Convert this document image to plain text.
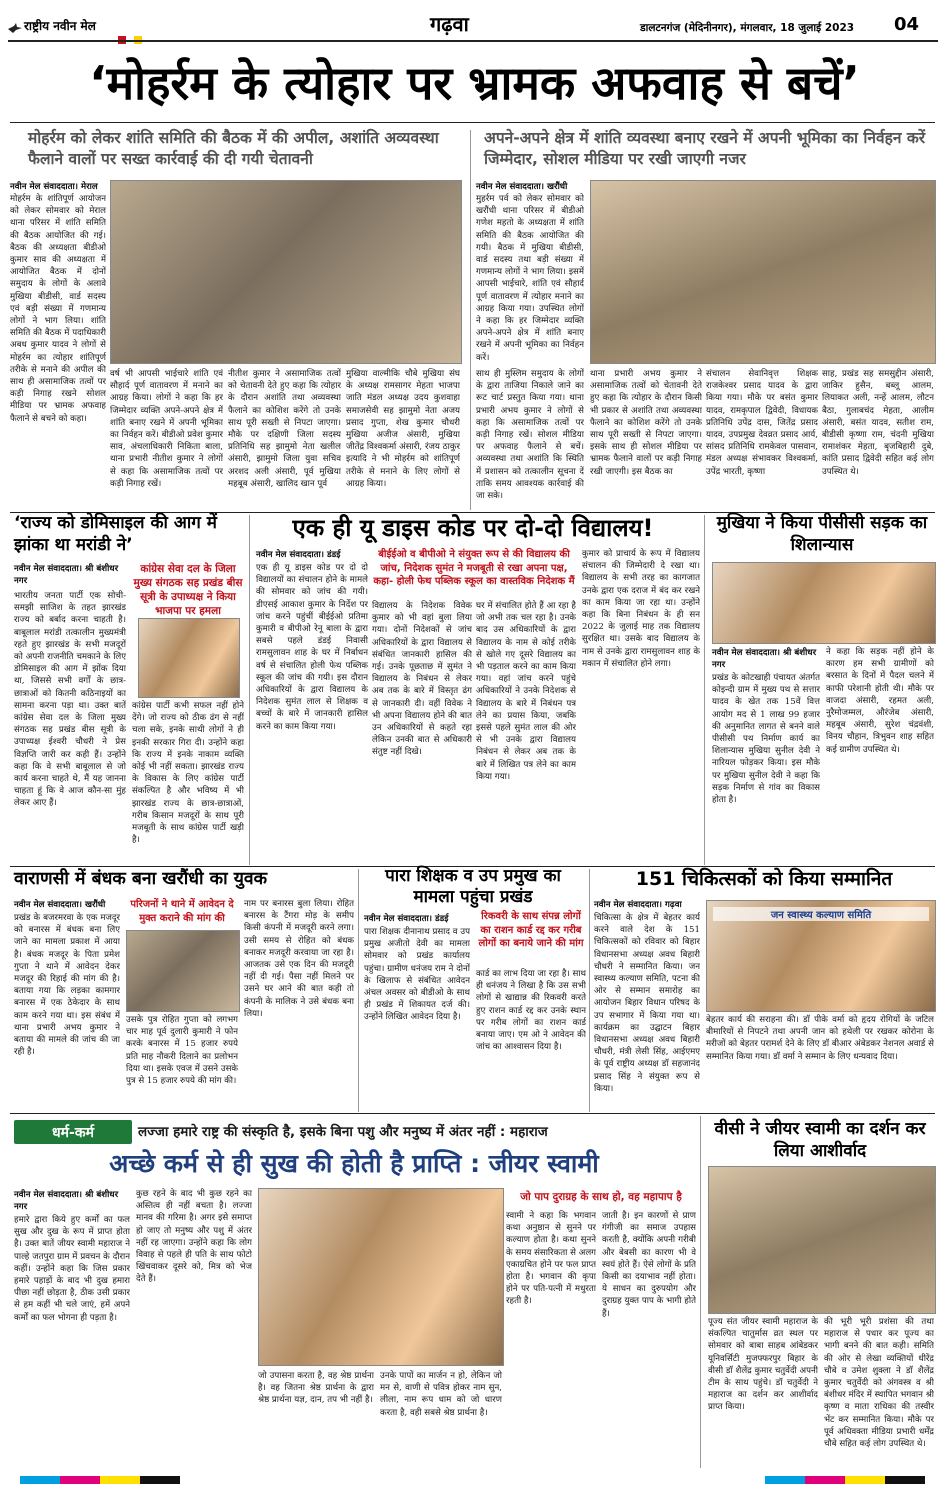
राष्ट्रीय नवीन मेल	गढ़वा	डालटनगंज (मेदिनीनगर), मंगलवार, 18 जुलाई 2023 04
‘मोहर्रम के त्योहार पर भ्रामक अफवाह से बचें’
मोहर्रम को लेकर शांति समिति की बैठक में की अपील, अशांति अव्यवस्था फैलाने वालों पर सख्त कार्रवाई की दी गयी चेतावनी
अपने-अपने क्षेत्र में शांति व्यवस्था बनाए रखने में अपनी भूमिका का निर्वहन करें जिम्मेदार, सोशल मीडिया पर रखी जाएगी नजर
नवीन मेल संवाददाता। मेराल
मोहर्रम के शांतिपूर्ण आयोजन को लेकर सोमवार को मेराल थाना परिसर में शांति समिति की बैठक आयोजित की गई। बैठक की अध्यक्षता बीडीओ कुमार साव की अध्यक्षता में आयोजित बैठक में दोनों समुदाय के लोगों के अलावे मुखिया बीडीसी, वार्ड सदस्य एवं बड़ी संख्या में गणमान्य लोगों ने भाग लिया। शांति समिति की बैठक में पदाधिकारी अबध कुमार यादव ने लोगों से मोहर्रम का त्योहार शांतिपूर्ण तरीके से मनाने की अपील की साथ ही असामाजिक तत्वों पर कड़ी निगाह रखने सोशल मीडिया पर भ्रामक अफवाह फैलाने से बचने को कहा।
वर्ष भी आपसी भाईचारे शांति एवं सौहार्द पूर्ण वातावरण में मनाने का आग्रह किया। लोगों ने कहा कि हर जिम्मेदार व्यक्ति अपने-अपने क्षेत्र में शांति बनाए रखने में अपनी भूमिका का निर्वहन करें। बीडीओ प्रवेश कुमार साव, अंचलाधिकारी निकिता बाला, थाना प्रभारी नीतीश कुमार ने लोगों से कहा कि असामाजिक तत्वों पर कड़ी निगाह रखें।
नीतीश कुमार ने असामाजिक तत्वों को चेतावनी देते हुए कहा कि त्योहार के दौरान अशांति तथा अव्यवस्था फैलाने का कोशिश करेंगे तो उनके साथ पूरी सख्ती से निपटा जाएगा। मौके पर दक्षिणी जिला सदस्य प्रतिनिधि सह झामुमो नेता खलील अंसारी, झामुमो जिला युवा सचिव अरशद अली अंसारी, पूर्व मुखिया महबूब अंसारी, खालिद खान पूर्व
मुखिया वाल्मीकि चौबे मुखिया संघ के अध्यक्ष रामसागर मेहता भाजपा जाति मंडल अध्यक्ष उदय कुशवाहा समाजसेवी सह झामुमो नेता अजय प्रसाद गुप्ता, शेख कुमार चौधरी मुखिया अजीज अंसारी, मुखिया जीतेंद्र विश्वकर्मा अंसारी, रंजय ठाकुर इत्यादि ने भी मोहर्रम को शांतिपूर्ण तरीके से मनाने के लिए लोगों से आग्रह किया।
नवीन मेल संवाददाता। खरौंधी
मुहर्रम पर्व को लेकर सोमवार को खरौंधी थाना परिसर में बीडीओ गणेश महतो के अध्यक्षता में शांति समिति की बैठक आयोजित की गयी। बैठक में मुखिया बीडीसी, वार्ड सदस्य तथा बड़ी संख्या में गणमान्य लोगों ने भाग लिया। इसमें आपसी भाईचारे, शांति एवं सौहार्द पूर्ण वातावरण में त्योहार मनाने का आग्रह किया गया। उपस्थित लोगों ने कहा कि हर जिम्मेदार व्यक्ति अपने-अपने क्षेत्र में शांति बनाए रखने में अपनी भूमिका का निर्वहन करें।
साथ ही मुस्लिम समुदाय के लोगों के द्वारा ताजिया निकाले जाने का रूट चार्ट प्रस्तुत किया गया। थाना प्रभारी अभय कुमार ने लोगों से कहा कि असामाजिक तत्वों पर कड़ी निगाह रखें। सोशल मीडिया पर अफवाह फैलाने से बचें। अव्यवस्था तथा अशांति कि स्थिति में प्रशासन को तत्कालीन सूचना दें ताकि समय आवश्यक कार्रवाई की जा सके।
थाना प्रभारी अभय कुमार ने असामाजिक तत्वों को चेतावनी देते हुए कहा कि त्योहार के दौरान किसी भी प्रकार से अशांति तथा अव्यवस्था फैलाने का कोशिश करेंगे तो उनके साथ पूरी सख्ती से निपटा जाएगा। इसके साथ ही सोशल मीडिया पर भ्रामक फैलाने वालों पर कड़ी निगाह रखी जाएगी। इस बैठक का
संचालन सेवानिवृत्त शिक्षक राजकेश्वर प्रसाद यादव के द्वारा किया गया। मौके पर बसंत कुमार यादव, रामकृपाल द्विवेदी, विधायक प्रतिनिधि उपेंद्र दास, जितेंद्र प्रसाद यादव, उपप्रमुख देवव्रत प्रसाद आर्य, सांसद प्रतिनिधि रामकेवल पासवान, मंडल अध्यक्ष संभावकर विश्वकर्मा, उपेंद्र भारती, कृष्णा
साह, प्रखंड सह समसुद्दीन अंसारी, जाकिर हुसैन, बब्लू आलम, लियाकत अली, नन्हें आलम, लौटन बैठा, गुलाबचंद मेहता, आलीम अंसारी, बसंत यादव, सतीश राम, बीडीसी कृष्णा राम, चंदनी मुखिया रामाशंकर मेहता, बृजबिहारी दुबे, कांति प्रसाद द्विवेदी सहित कई लोग उपस्थित थे।
‘राज्य को डोमिसाइल की आग में झांका था मरांडी ने’
नवीन मेल संवाददाता। श्री बंशीधर नगर
कांग्रेस सेवा दल के जिला मुख्य संगठक सह प्रखंड बीस सूत्री के उपाध्यक्ष ने किया भाजपा पर हमला
भारतीय जनता पार्टी एक सोची-समझी साजिश के तहत झारखंड राज्य को बर्बाद करना चाहती है। बाबूलाल मरांडी तत्कालीन मुख्यमंत्री रहते हुए झारखंड के सभी मजदूरों को अपनी राजनीति चमकाने के लिए डोमिसाइल की आग में झोंक दिया था, जिससे सभी वर्गों के छात्र-छात्राओं को कितनी कठिनाइयों का सामना करना पड़ा था। उक्त बातें कांग्रेस सेवा दल के जिला मुख्य संगठक सह प्रखंड बीस सूत्री के उपाध्यक्ष ईश्वरी चौधरी ने प्रेस विज्ञप्ति जारी कर कही हैं। उन्होंने कहा कि वे सभी बाबूलाल से जो कार्य करना चाहते थे, मैं यह जानना चाहता हूं कि वे आज कौन-सा मुंह लेकर आए हैं।
कांग्रेस पार्टी कभी सफल नहीं होने देंगे। जो राज्य को ठीक ढंग से नहीं चला सके, इनके साथी लोगों ने ही इनकी सरकार गिरा दी। उन्होंने कहा कि राज्य में इनके नाकाम व्यक्ति कोई भी नहीं सकता। झारखंड राज्य के विकास के लिए कांग्रेस पार्टी संकल्पित है और भविष्य में भी झारखंड राज्य के छात्र-छात्राओं, गरीब किसान मजदूरों के साथ पूरी मजबूती के साथ कांग्रेस पार्टी खड़ी है।
एक ही यू डाइस कोड पर दो-दो विद्यालय!
नवीन मेल संवाददाता। डंडई	बीईईओ व बीपीओ ने संयुक्त रूप से की विद्यालय की जांच, निदेशक सुमंत ने मजबूती से रखा अपना पक्ष, कहा- होली फेथ पब्लिक स्कूल का वास्तविक निदेशक मैं
एक ही यू डाइस कोड पर दो दो विद्यालयों का संचालन होने के मामले की सोमवार को जांच की गयी। डीएसई आकाश कुमार के निर्देश पर जांच करने पहुंचीं बीईईओ प्रतिमा कुमारी व बीपीओ रेनू बाला के द्वारा सबसे पहले डंडई निवासी रामसुलावन शाह के घर में निर्बाधन वर्ष से संचालित होली फेथ पब्लिक स्कूल की जांच की गयी। इस दौरान अधिकारियों के द्वारा विद्यालय के निदेशक सुमंत लाल से शिक्षक व बच्चों के बारे में जानकारी हासिल करने का काम किया गया।
विद्यालय के निदेशक विवेक कुमार को भी वहां बुला लिया गया। दोनों निदेशकों से जांच अधिकारियों के द्वारा विद्यालय से संबंधित जानकारी हासिल की गई। उनके पूछताछ में सुमंत ने विद्यालय के निबंधन से लेकर अब तक के बारे में विस्तृत ढंग से जानकारी दी। वहीं विवेक ने भी अपना विद्यालय होने की बात उन अधिकारियों से कहते रहा लेकिन उनकी बात से अधिकारी संतुष्ट नहीं दिखे।
घर में संचालित होते हैं आ रहा है जो अभी तक चल रहा है। उनके बाद उस अधिकारियों के द्वारा विद्यालय के नाम से कोई तरीके से खोले गए दूसरे विद्यालय का भी पड़ताल करने का काम किया गया। वहां जांच करने पहुंचे अधिकारियों ने उनके निदेशक से विद्यालय के बारे में निबंधन पत्र लेने का प्रयास किया, जबकि इससे पहले सुमंत लाल की ओर से भी उनके द्वारा विद्यालय निबंधन से लेकर अब तक के बारे में लिखित पत्र लेने का काम किया गया।
कुमार को प्राचार्य के रूप में विद्यालय संचालन की जिम्मेदारी दे रखा था। विद्यालय के सभी तरह का कागजात उनके द्वारा एक दराज में बंद कर रखने का काम किया जा रहा था। उन्होंने कहा कि बिना निबंधन के ही सन 2022 के जुलाई माह तक विद्यालय सुरक्षित था। उसके बाद विद्यालय के नाम से उनके द्वारा रामसुलावन शाह के मकान में संचालित होने लगा।
मुखिया ने किया पीसीसी सड़क का शिलान्यास
नवीन मेल संवाददाता। श्री बंशीधर नगर
प्रखंड के कोटखाही पंचायत अंतर्गत कोइन्दी ग्राम में मुख्य पथ से सत्तार यादव के खेत तक 15वें वित्त आयोग मद से 1 लाख 99 हजार की अनुमानित लागत से बनने वाले पीसीसी पथ निर्माण कार्य का शिलान्यास मुखिया सुनील देवी ने नारियल फोड़कर किया। इस मौके पर मुखिया सुनील देवी ने कहा कि सड़क निर्माण से गांव का विकास होता है।
ने कहा कि सड़क नहीं होने के कारण हम सभी ग्रामीणों को बरसात के दिनों में पैदल चलने में काफी परेशानी होती थी। मौके पर वाजदा अंसारी, रहमत अली, नुरैमोजम्मल, औरंजेब अंसारी, महबूब अंसारी, सुरेश चंद्रवंशी, विनय चौहान, त्रिभुवन शाह सहित कई ग्रामीण उपस्थित थे।
वाराणसी में बंधक बना खरौंधी का युवक
नवीन मेल संवाददाता। खरौंधी	परिजनों ने थाने में आवेदन दे मुक्त कराने की मांग की
प्रखंड के बजरमरवा के एक मजदूर को बनारस में बंधक बना लिए जाने का मामला प्रकाश में आया है। बंधक मजदूर के पिता प्रमेश गुप्ता ने थाने में आवेदन देकर मजदूर की रिहाई की मांग की है। बताया गया कि लड़का कामगार बनारस में एक ठेकेदार के साथ काम करने गया था। इस संबंध में थाना प्रभारी अभय कुमार ने बताया की मामले की जांच की जा रही है।
उसके पुत्र रोहित गुप्ता को लगभग चार माह पूर्व दुलारी कुमारी ने फोन करके बनारस में 15 हजार रुपये प्रति माह नौकरी दिलाने का प्रलोभन दिया था। इसके एवज में उसने उसके पुत्र से 15 हजार रुपये की मांग की।
नाम पर बनारस बुला लिया। रोहित बनारस के टैंगरा मोड़ के समीप किसी कंपनी में मजदूरी करने लगा। उसी समय से रोहित को बंधक बनाकर मजदूरी करवाया जा रहा है। आजतक उसे एक दिन की मजदूरी नहीं दी गई। पैसा नहीं मिलने पर उसने घर आने की बात कही तो कंपनी के मालिक ने उसे बंधक बना लिया।
पारा शिक्षक व उप प्रमुख का मामला पहुंचा प्रखंड
नवीन मेल संवाददाता। डंडई	रिकवरी के साथ संपन्न लोगों का राशन कार्ड रद्द कर गरीब लोगों का बनाये जाने की मांग
पारा शिक्षक दीनानाथ प्रसाद व उप प्रमुख अजीतो देवी का मामला सोमवार को प्रखंड कार्यालय पहुंचा। ग्रामीण धनंजय राम ने दोनों के खिलाफ से संबंधित आवेदन अंचल अवसर को बीडीओ के साथ ही प्रखंड में शिकायत दर्ज की। उन्होंने लिखित आवेदन दिया है।
कार्ड का लाभ दिया जा रहा है। साथ ही धनंजय ने लिखा है कि उस सभी लोगों से खाद्यान्न की रिकवरी करते हुए राशन कार्ड रद्द कर उनके स्थान पर गरीब लोगों का राशन कार्ड बनाया जाए। एम ओ ने आवेदन की जांच का आश्वासन दिया है।
151 चिकित्सकों को किया सम्मानित
नवीन मेल संवाददाता। गढ़वा
चिकित्सा के क्षेत्र में बेहतर कार्य करने वाले देश के 151 चिकित्सकों को रविवार को बिहार विधानसभा अध्यक्ष अवध बिहारी चौधरी ने सम्मानित किया। जन स्वास्थ्य कल्याण समिति, पटना की ओर से सम्मान समारोह का आयोजन बिहार विधान परिषद के उप सभागार में किया गया था। कार्यक्रम का उद्घाटन बिहार विधानसभा अध्यक्ष अवध बिहारी चौधरी, मंत्री लेसी सिंह, आईएमए के पूर्व राष्ट्रीय अध्यक्ष डॉ सहजानंद प्रसाद सिंह ने संयुक्त रूप से किया।
जन स्वास्थ्य कल्याण समिति
बेहतर कार्य की सराहना की। डॉ पीके वर्मा को हृदय रोगियों के जटिल बीमारियों से निपटने तथा अपनी जान को हथेली पर रखकर कोरोना के मरीजों को बेहतर परामर्श देने के लिए डॉ बीआर अंबेडकर नेशनल अवार्ड से सम्मानित किया गया। डॉ वर्मा ने सम्मान के लिए धन्यवाद दिया।
धर्म-कर्म	लज्जा हमारे राष्ट्र की संस्कृति है, इसके बिना पशु और मनुष्य में अंतर नहीं : महाराज
अच्छे कर्म से ही सुख की होती है प्राप्ति : जीयर स्वामी
नवीन मेल संवाददाता। श्री बंशीधर नगर
हमारे द्वारा किये हुए कर्मों का फल सुख और दुख के रूप में प्राप्त होता है। उक्त बातें जीयर स्वामी महाराज ने पाल्हे जतपुरा ग्राम में प्रवचन के दौरान कहीं। उन्होंने कहा कि जिस प्रकार हमारे पहाड़ों के बाद भी दुख हमारा पीछा नहीं छोड़ता है, ठीक उसी प्रकार से हम कहीं भी चले जाएं, हमें अपने कर्मों का फल भोगना ही पड़ता है।
कुछ रहने के बाद भी कुछ रहने का अस्तित्व ही नहीं बचता है। लज्जा मानव की गरिमा है। अगर इसे समाप्त हो जाए तो मनुष्य और पशु में अंतर नहीं रह जाएगा। उन्होंने कहा कि लोग विवाह से पहले ही पति के साथ फोटो खिंचवाकर दूसरे को, मित्र को भेज देते हैं।
जो पाप दुराग्रह के साथ हो, वह महापाप है
जो उपासना करता है, वह श्रेष्ठ प्रार्थना है। वह जितना श्रेष्ठ प्रार्थना के द्वारा श्रेष्ठ प्रार्थना यज्ञ, दान, तप भी नहीं है।
उनके पापों का मार्जन न हो, लेकिन जो मन से, वाणी से पवित्र होकर नाम सुन, लीला, नाम रूप धाम को जो धारण करता है, वही सबसे श्रेष्ठ प्रार्थना है।
स्वामी ने कहा कि भगवान कथा अनुष्ठान से सुनने पर कल्याण होता है। कथा सुनने के समय संसारिकता से अलग एकाग्रचित होने पर फल प्राप्त होता है। भगवान की कृपा होने पर पति-पत्नी में मधुरता रहती है।
जाती है। इन कारणों से प्राण गंगीजी का समाज उपहास करती है, क्योंकि अपनी गरीबी और बेबसी का कारण भी वे स्वयं होते हैं। ऐसे लोगों के प्रति किसी का दयाभाव नहीं होता। ये साधन का दुरुपयोग और दुराग्रह युक्त पाप के भागी होते हैं।
वीसी ने जीयर स्वामी का दर्शन कर लिया आशीर्वाद
पूज्य संत जीयर स्वामी महाराज के संकल्पित चातुर्मास व्रत स्थल पर सोमवार को बाबा साहब आंबेडकर यूनिवर्सिटी मुजफ्फरपुर बिहार के वीसी डॉ शैलेंद्र कुमार चतुर्वेदी अपनी टीम के साथ पहुंचे। डॉ चतुर्वेदी ने महाराज का दर्शन कर आशीर्वाद प्राप्त किया।
की भूरी भूरी प्रशंसा की तथा महाराज से पधार कर पूज्य का भागी बनने की बात कही। समिति की ओर से लेखा व्यक्तियों धीरेंद्र चौबे व उमेश शुक्ला ने डॉ शैलेंद्र कुमार चतुर्वेदी को अंगवस्त्र व श्री बंशीधर मंदिर में स्थापित भगवान श्री कृष्ण व माता राधिका की तस्वीर भेंट कर सम्मानित किया। मौके पर पूर्व अधिवक्ता मीडिया प्रभारी धर्मेंद्र चौबे सहित कई लोग उपस्थित थे।
